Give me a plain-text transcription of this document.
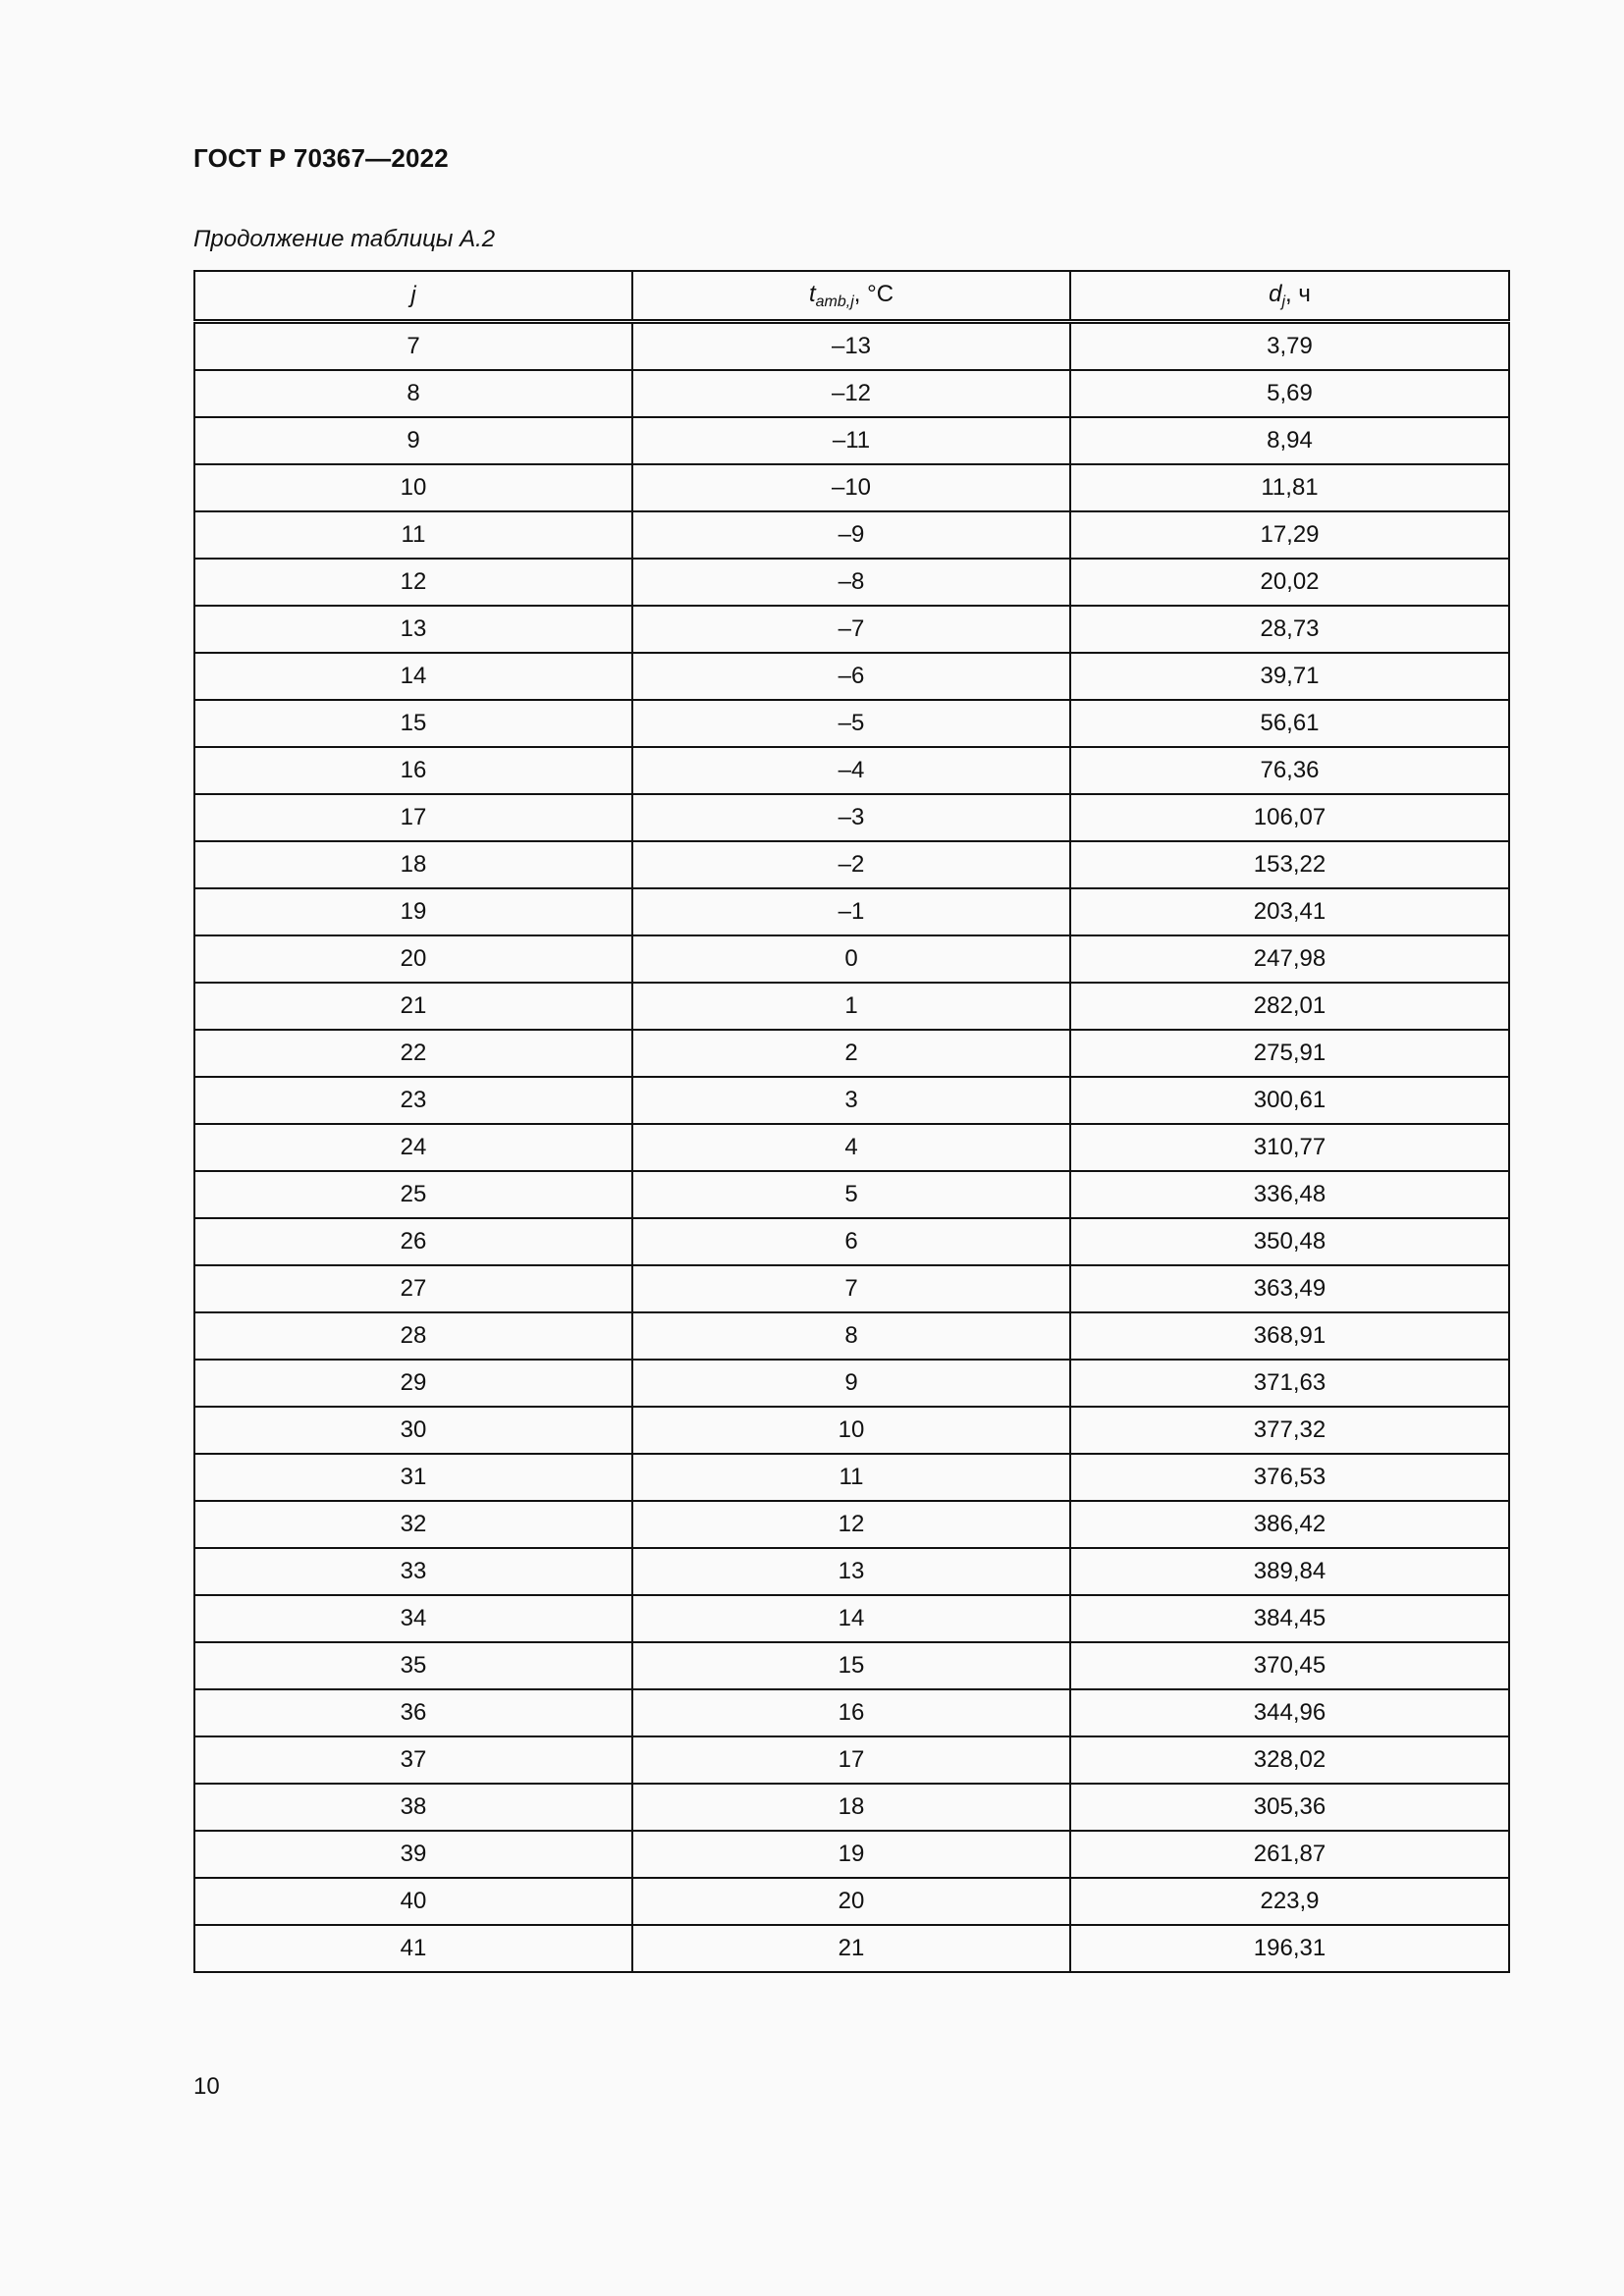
ГОСТ Р 70367—2022
Продолжение таблицы А.2
j	$t_{amb,j}$, °C	$d_j$, ч
7	–13	3,79
8	–12	5,69
9	–11	8,94
10	–10	11,81
11	–9	17,29
12	–8	20,02
13	–7	28,73
14	–6	39,71
15	–5	56,61
16	–4	76,36
17	–3	106,07
18	–2	153,22
19	–1	203,41
20	0	247,98
21	1	282,01
22	2	275,91
23	3	300,61
24	4	310,77
25	5	336,48
26	6	350,48
27	7	363,49
28	8	368,91
29	9	371,63
30	10	377,32
31	11	376,53
32	12	386,42
33	13	389,84
34	14	384,45
35	15	370,45
36	16	344,96
37	17	328,02
38	18	305,36
39	19	261,87
40	20	223,9
41	21	196,31
10
